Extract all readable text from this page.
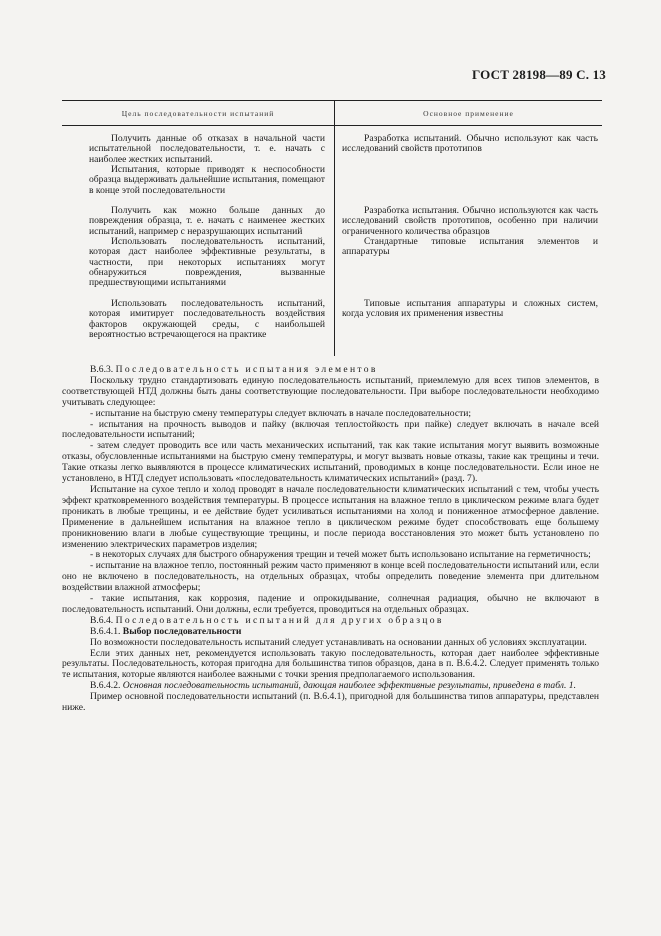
ГОСТ 28198—89 С. 13
Цель последовательности испытаний	Основное применение

Получить данные об отказах в начальной части испытательной последовательности, т. е. начать с наиболее жестких испытаний.

Испытания, которые приводят к неспособности образца выдерживать дальнейшие испытания, помещают в конце этой последовательности

Получить как можно больше данных до повреждения образца, т. е. начать с наименее жестких испытаний, например с неразрушающих испытаний

Использовать последовательность испытаний, которая даст наиболее эффективные результаты, в частности, при некоторых испытаниях могут обнаружиться повреждения, вызванные предшествующими испытаниями

Использовать последовательность испытаний, которая имитирует последовательность воздействия факторов окружающей среды, с наибольшей вероятностью встречающегося на практике

Разработка испытаний. Обычно используют как часть исследований свойств прототипов

Разработка испытания. Обычно используются как часть исследований свойств прототипов, особенно при наличии ограниченного количества образцов

Стандартные типовые испытания элементов и аппаратуры

Типовые испытания аппаратуры и сложных систем, когда условия их применения известны

В.6.3. Последовательность испытания элементов

Поскольку трудно стандартизовать единую последовательность испытаний, приемлемую для всех типов элементов, в соответствующей НТД должны быть даны соответствующие последовательности. При выборе последовательности необходимо учитывать следующее:

- испытание на быструю смену температуры следует включать в начале последовательности;

- испытания на прочность выводов и пайку (включая теплостойкость при пайке) следует включать в начале всей последовательности испытаний;

- затем следует проводить все или часть механических испытаний, так как такие испытания могут выявить возможные отказы, обусловленные испытаниями на быструю смену температуры, и могут вызвать новые отказы, такие как трещины и течи. Такие отказы легко выявляются в процессе климатических испытаний, проводимых в конце последовательности. Если иное не установлено, в НТД следует использовать «последовательность климатических испытаний» (разд. 7).

Испытание на сухое тепло и холод проводят в начале последовательности климатических испытаний с тем, чтобы учесть эффект кратковременного воздействия температуры. В процессе испытания на влажное тепло в циклическом режиме влага будет проникать в любые трещины, и ее действие будет усиливаться испытаниями на холод и пониженное атмосферное давление. Применение в дальнейшем испытания на влажное тепло в циклическом режиме будет способствовать еще большему проникновению влаги в любые существующие трещины, и после периода восстановления это может быть установлено по изменению электрических параметров изделия;

- в некоторых случаях для быстрого обнаружения трещин и течей может быть использовано испытание на герметичность;

- испытание на влажное тепло, постоянный режим часто применяют в конце всей последовательности испытаний или, если оно не включено в последовательность, на отдельных образцах, чтобы определить поведение элемента при длительном воздействии влажной атмосферы;

- такие испытания, как коррозия, падение и опрокидывание, солнечная радиация, обычно не включают в последовательность испытаний. Они должны, если требуется, проводиться на отдельных образцах.

В.6.4. Последовательность испытаний для других образцов

В.6.4.1. Выбор последовательности

По возможности последовательность испытаний следует устанавливать на основании данных об условиях эксплуатации.

Если этих данных нет, рекомендуется использовать такую последовательность, которая дает наиболее эффективные результаты. Последовательность, которая пригодна для большинства типов образцов, дана в п. В.6.4.2. Следует применять только те испытания, которые являются наиболее важными с точки зрения предполагаемого использования.

В.6.4.2. Основная последовательность испытаний, дающая наиболее эффективные результаты, приведена в табл. 1.

Пример основной последовательности испытаний (п. В.6.4.1), пригодной для большинства типов аппаратуры, представлен ниже.
